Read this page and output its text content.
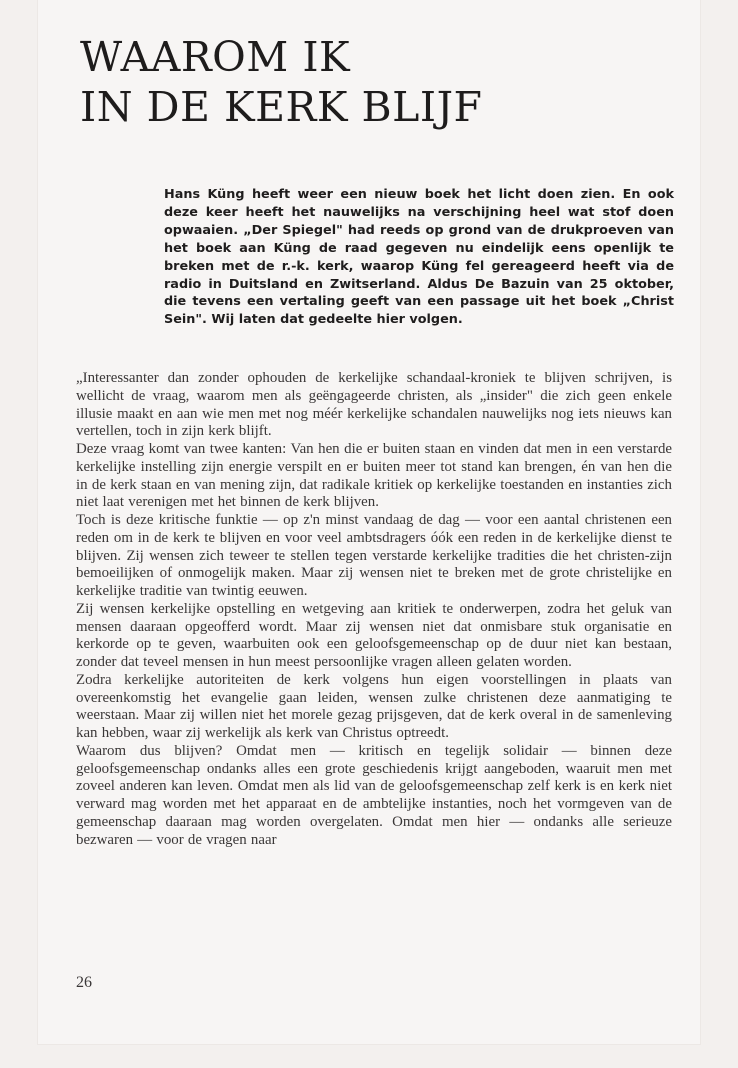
WAAROM IK
IN DE KERK BLIJF

Hans Küng heeft weer een nieuw boek het licht doen zien. En ook deze keer heeft het nauwelijks na verschijning heel wat stof doen opwaaien. „Der Spiegel" had reeds op grond van de drukproeven van het boek aan Küng de raad gegeven nu eindelijk eens openlijk te breken met de r.-k. kerk, waarop Küng fel gereageerd heeft via de radio in Duitsland en Zwitserland. Aldus De Bazuin van 25 oktober, die tevens een vertaling geeft van een passage uit het boek „Christ Sein". Wij laten dat gedeelte hier volgen.

„Interessanter dan zonder ophouden de kerkelijke schandaal-kroniek te blijven schrijven, is wellicht de vraag, waarom men als geëngageerde christen, als „insider" die zich geen enkele illusie maakt en aan wie men met nog méér kerkelijke schandalen nauwelijks nog iets nieuws kan vertellen, toch in zijn kerk blijft.

Deze vraag komt van twee kanten: Van hen die er buiten staan en vinden dat men in een verstarde kerkelijke instelling zijn energie verspilt en er buiten meer tot stand kan brengen, én van hen die in de kerk staan en van mening zijn, dat radikale kritiek op kerkelijke toestanden en instanties zich niet laat verenigen met het binnen de kerk blijven.

Toch is deze kritische funktie — op z'n minst vandaag de dag — voor een aantal christenen een reden om in de kerk te blijven en voor veel ambtsdragers óók een reden in de kerkelijke dienst te blijven. Zij wensen zich teweer te stellen tegen verstarde kerkelijke tradities die het christen-zijn bemoeilijken of onmogelijk maken. Maar zij wensen niet te breken met de grote christelijke en kerkelijke traditie van twintig eeuwen.

Zij wensen kerkelijke opstelling en wetgeving aan kritiek te onderwerpen, zodra het geluk van mensen daaraan opgeofferd wordt. Maar zij wensen niet dat onmisbare stuk organisatie en kerkorde op te geven, waarbuiten ook een geloofsgemeenschap op de duur niet kan bestaan, zonder dat teveel mensen in hun meest persoonlijke vragen alleen gelaten worden.

Zodra kerkelijke autoriteiten de kerk volgens hun eigen voorstellingen in plaats van overeenkomstig het evangelie gaan leiden, wensen zulke christenen deze aanmatiging te weerstaan. Maar zij willen niet het morele gezag prijsgeven, dat de kerk overal in de samenleving kan hebben, waar zij werkelijk als kerk van Christus optreedt.

Waarom dus blijven? Omdat men — kritisch en tegelijk solidair — binnen deze geloofsgemeenschap ondanks alles een grote geschiedenis krijgt aangeboden, waaruit men met zoveel anderen kan leven. Omdat men als lid van de geloofsgemeenschap zelf kerk is en kerk niet verward mag worden met het apparaat en de ambtelijke instanties, noch het vormgeven van de gemeenschap daaraan mag worden overgelaten. Omdat men hier — ondanks alle serieuze bezwaren — voor de vragen naar

26
